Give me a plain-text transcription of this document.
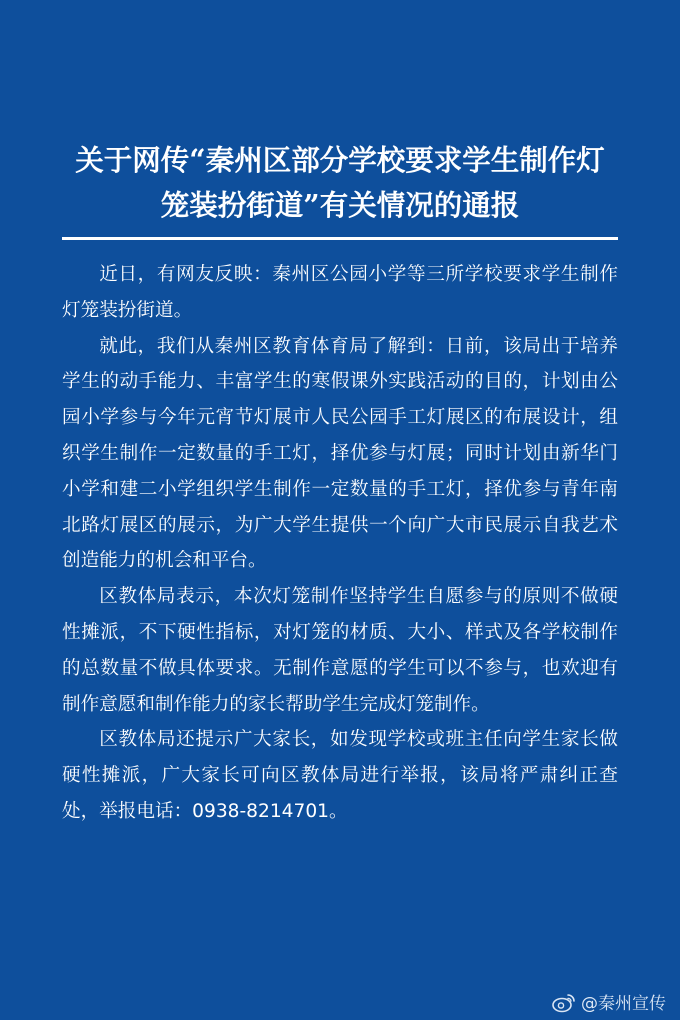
关于网传“秦州区部分学校要求学生制作灯
笼装扮街道”有关情况的通报

近日，有网友反映：秦州区公园小学等三所学校要求学生制作灯笼装扮街道。

就此，我们从秦州区教育体育局了解到：日前，该局出于培养学生的动手能力、丰富学生的寒假课外实践活动的目的，计划由公园小学参与今年元宵节灯展市人民公园手工灯展区的布展设计，组织学生制作一定数量的手工灯，择优参与灯展；同时计划由新华门小学和建二小学组织学生制作一定数量的手工灯，择优参与青年南北路灯展区的展示，为广大学生提供一个向广大市民展示自我艺术创造能力的机会和平台。

区教体局表示，本次灯笼制作坚持学生自愿参与的原则不做硬性摊派，不下硬性指标，对灯笼的材质、大小、样式及各学校制作的总数量不做具体要求。无制作意愿的学生可以不参与，也欢迎有制作意愿和制作能力的家长帮助学生完成灯笼制作。

区教体局还提示广大家长，如发现学校或班主任向学生家长做硬性摊派，广大家长可向区教体局进行举报，该局将严肃纠正查处，举报电话：0938-8214701。

@秦州宣传
